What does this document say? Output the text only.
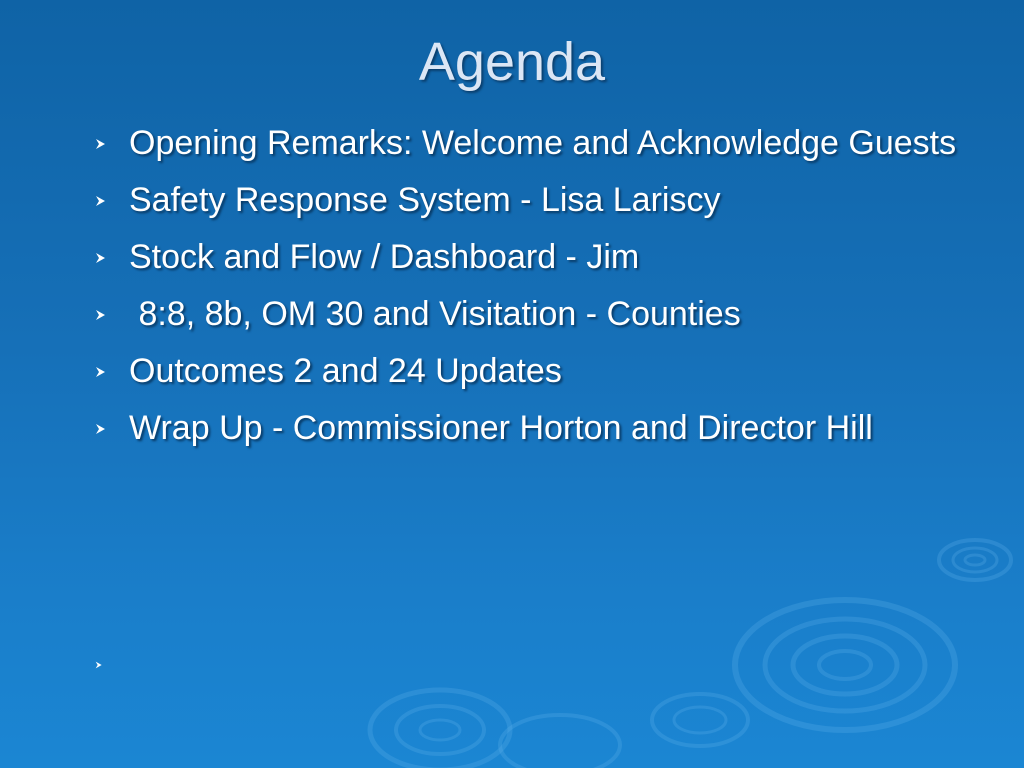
Agenda
Opening Remarks: Welcome and Acknowledge Guests
Safety Response System - Lisa Lariscy
Stock and Flow / Dashboard - Jim
8:8, 8b, OM 30 and Visitation - Counties
Outcomes 2 and 24 Updates
Wrap Up - Commissioner Horton and Director Hill
